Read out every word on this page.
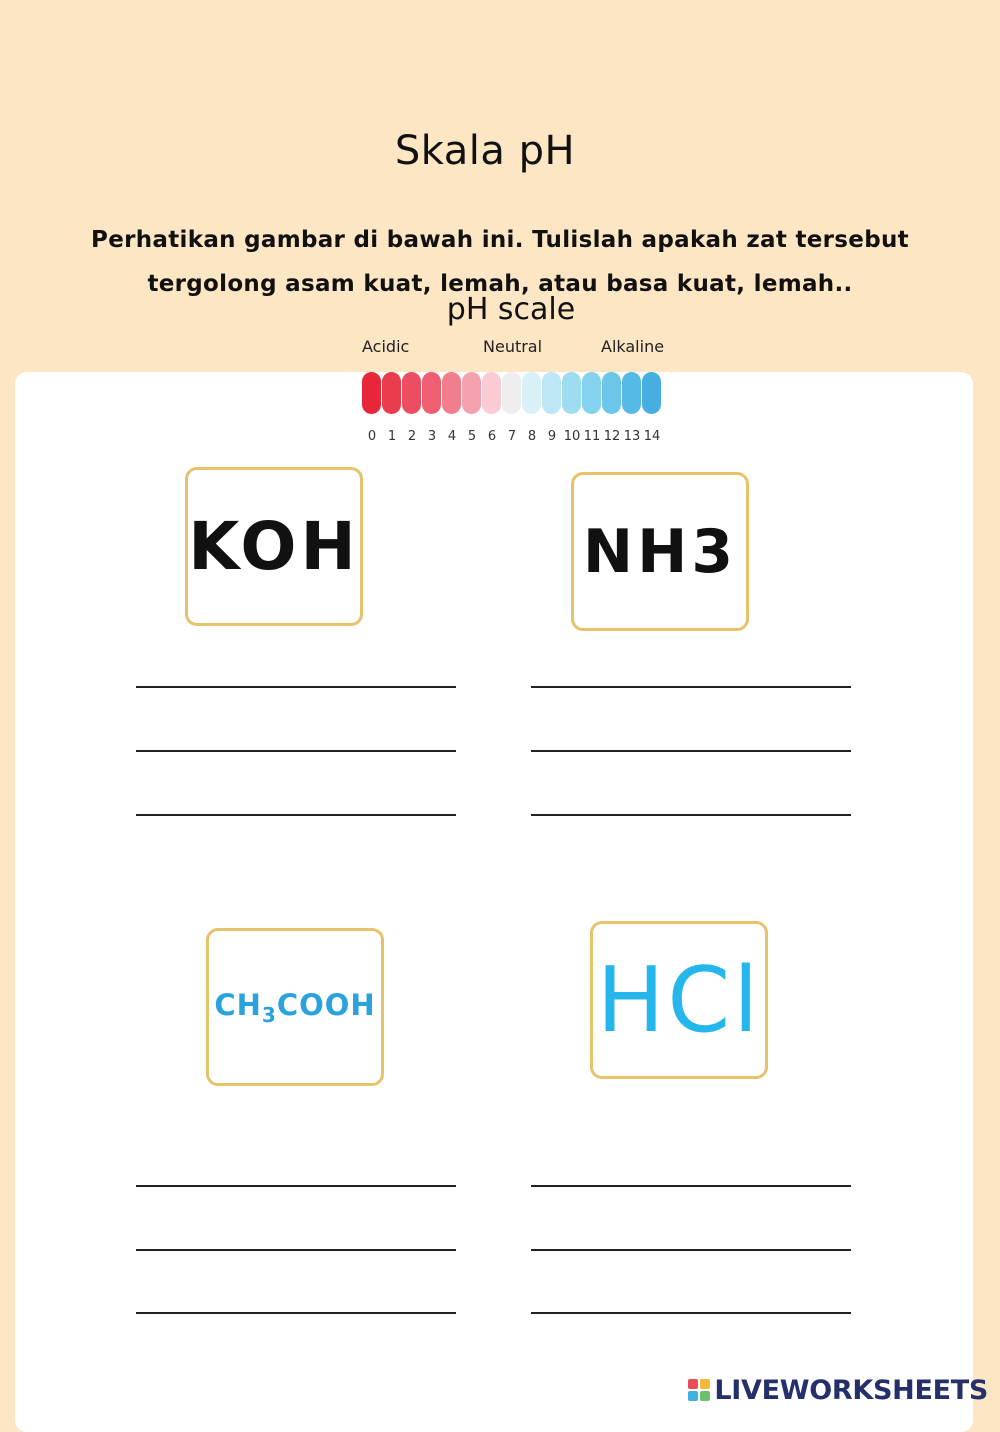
Skala pH
Perhatikan gambar di bawah ini. Tulislah apakah zat tersebut
tergolong asam kuat, lemah, atau basa kuat, lemah..
pH scale
Acidic	Neutral	Alkaline
0 1 2 3 4 5 6 7 8 9 10 11 12 13 14
KOH	NH3
$CH_3COOH$ HCl
LIVEWORKSHEETS
